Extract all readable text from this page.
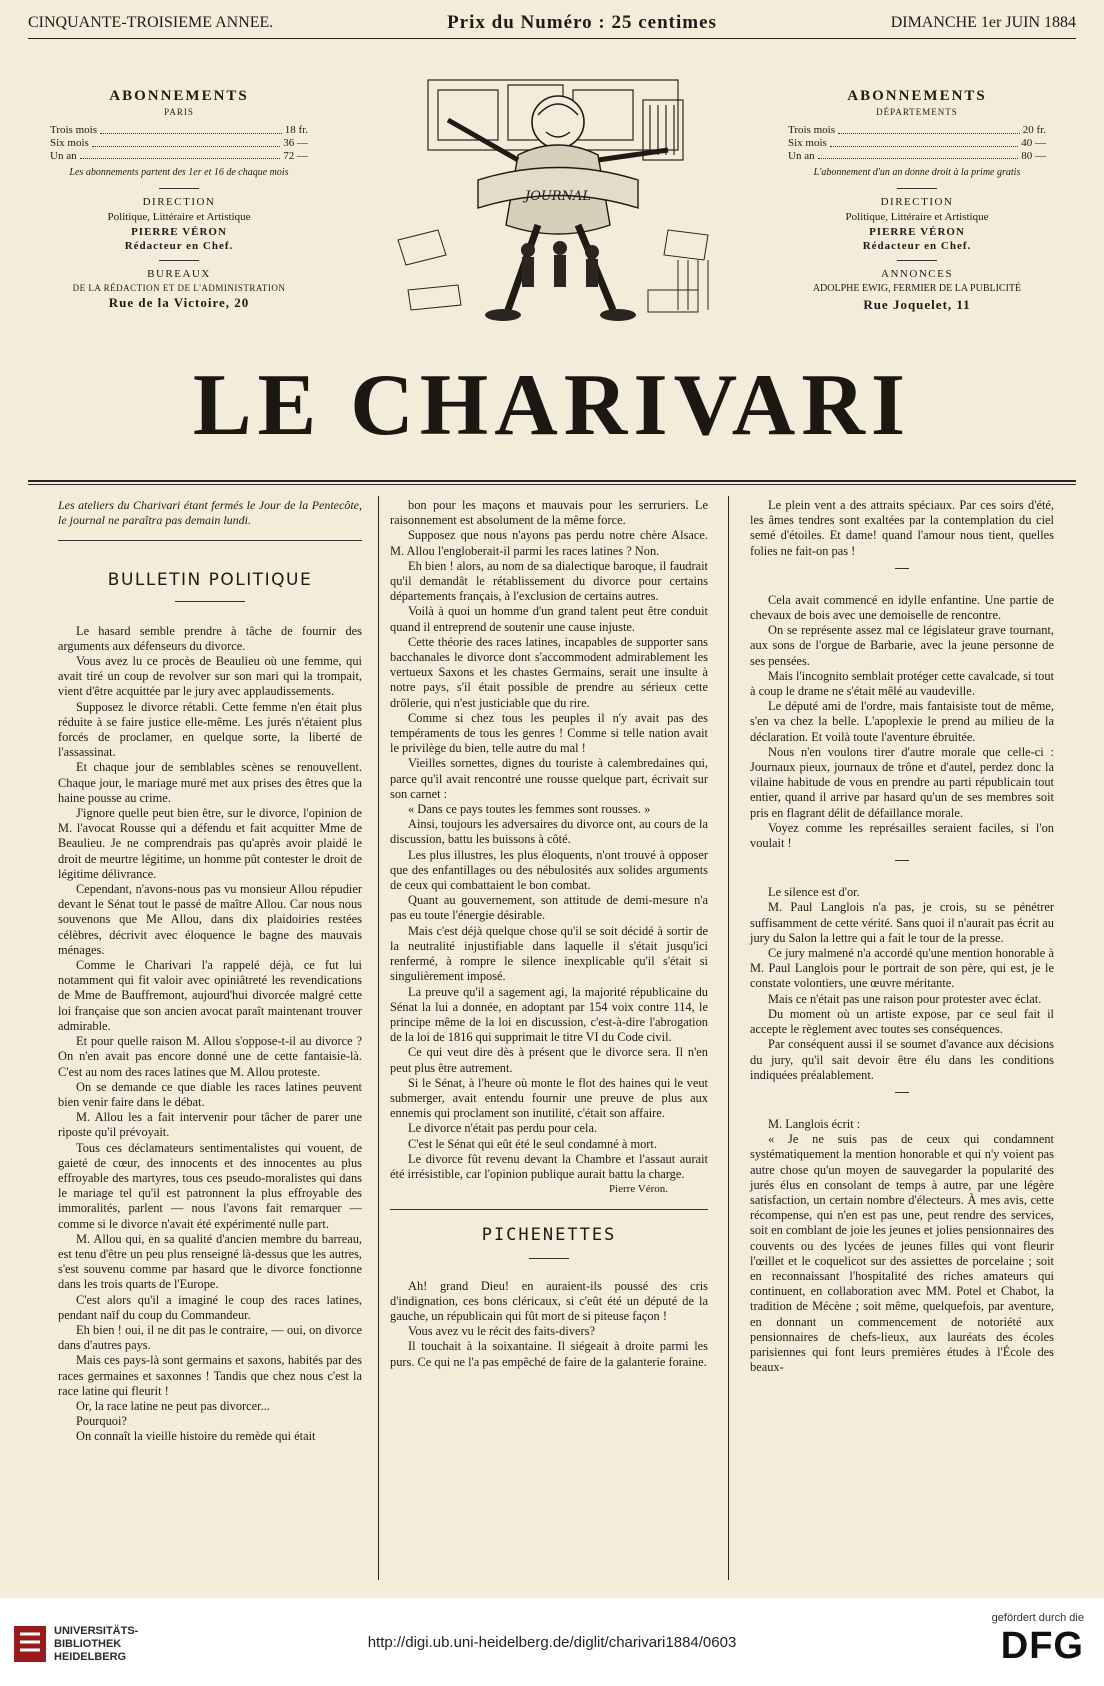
CINQUANTE-TROISIEME ANNEE.	Prix du Numéro : 25 centimes	DIMANCHE 1er JUIN 1884
ABONNEMENTS
PARIS
Trois mois	18 fr.
Six mois	36 —
Un an	72 —
Les abonnements partent des 1er et 16 de chaque mois
DIRECTION
Politique, Littéraire et Artistique
PIERRE VÉRON
Rédacteur en Chef.
BUREAUX
DE LA RÉDACTION ET DE L'ADMINISTRATION
Rue de la Victoire, 20
ABONNEMENTS
DÉPARTEMENTS
Trois mois	20 fr.
Six mois	40 —
Un an	80 —
L'abonnement d'un an donne droit à la prime gratis
DIRECTION
Politique, Littéraire et Artistique
PIERRE VÉRON
Rédacteur en Chef.
ANNONCES
ADOLPHE EWIG, FERMIER DE LA PUBLICITÉ
Rue Joquelet, 11
JOURNAL
LE CHARIVARI

Les ateliers du Charivari étant fermés le Jour de la Pentecôte, le journal ne paraîtra pas demain lundi.

BULLETIN POLITIQUE

Le hasard semble prendre à tâche de fournir des arguments aux défenseurs du divorce.

Vous avez lu ce procès de Beaulieu où une femme, qui avait tiré un coup de revolver sur son mari qui la trompait, vient d'être acquittée par le jury avec applaudissements.

Supposez le divorce rétabli. Cette femme n'en était plus réduite à se faire justice elle-même. Les jurés n'étaient plus forcés de proclamer, en quelque sorte, la liberté de l'assassinat.

Et chaque jour de semblables scènes se renouvellent. Chaque jour, le mariage muré met aux prises des êtres que la haine pousse au crime.

J'ignore quelle peut bien être, sur le divorce, l'opinion de M. l'avocat Rousse qui a défendu et fait acquitter Mme de Beaulieu. Je ne comprendrais pas qu'après avoir plaidé le droit de meurtre légitime, un homme pût contester le droit de légitime délivrance.

Cependant, n'avons-nous pas vu monsieur Allou répudier devant le Sénat tout le passé de maître Allou. Car nous nous souvenons que Me Allou, dans dix plaidoiries restées célèbres, décrivit avec éloquence le bagne des mauvais ménages.

Comme le Charivari l'a rappelé déjà, ce fut lui notamment qui fit valoir avec opiniâtreté les revendications de Mme de Bauffremont, aujourd'hui divorcée malgré cette loi française que son ancien avocat paraît maintenant trouver admirable.

Et pour quelle raison M. Allou s'oppose-t-il au divorce ? On n'en avait pas encore donné une de cette fantaisie-là. C'est au nom des races latines que M. Allou proteste.

On se demande ce que diable les races latines peuvent bien venir faire dans le débat.

M. Allou les a fait intervenir pour tâcher de parer une riposte qu'il prévoyait.

Tous ces déclamateurs sentimentalistes qui vouent, de gaieté de cœur, des innocents et des innocentes au plus effroyable des martyres, tous ces pseudo-moralistes qui dans le mariage tel qu'il est patronnent la plus effroyable des immoralités, parlent — nous l'avons fait remarquer — comme si le divorce n'avait été expérimenté nulle part.

M. Allou qui, en sa qualité d'ancien membre du barreau, est tenu d'être un peu plus renseigné là-dessus que les autres, s'est souvenu comme par hasard que le divorce fonctionne dans les trois quarts de l'Europe.

C'est alors qu'il a imaginé le coup des races latines, pendant naïf du coup du Commandeur.

Eh bien ! oui, il ne dit pas le contraire, — oui, on divorce dans d'autres pays.

Mais ces pays-là sont germains et saxons, habités par des races germaines et saxonnes ! Tandis que chez nous c'est la race latine qui fleurit !

Or, la race latine ne peut pas divorcer...

Pourquoi?

On connaît la vieille histoire du remède qui était

bon pour les maçons et mauvais pour les serruriers. Le raisonnement est absolument de la même force.

Supposez que nous n'ayons pas perdu notre chère Alsace. M. Allou l'engloberait-il parmi les races latines ? Non.

Eh bien ! alors, au nom de sa dialectique baroque, il faudrait qu'il demandât le rétablissement du divorce pour certains départements français, à l'exclusion de certains autres.

Voilà à quoi un homme d'un grand talent peut être conduit quand il entreprend de soutenir une cause injuste.

Cette théorie des races latines, incapables de supporter sans bacchanales le divorce dont s'accommodent admirablement les vertueux Saxons et les chastes Germains, serait une insulte à notre pays, s'il était possible de prendre au sérieux cette drôlerie, qui n'est justiciable que du rire.

Comme si chez tous les peuples il n'y avait pas des tempéraments de tous les genres ! Comme si telle nation avait le privilège du bien, telle autre du mal !

Vieilles sornettes, dignes du touriste à calembredaines qui, parce qu'il avait rencontré une rousse quelque part, écrivait sur son carnet :

« Dans ce pays toutes les femmes sont rousses. »

Ainsi, toujours les adversaires du divorce ont, au cours de la discussion, battu les buissons à côté.

Les plus illustres, les plus éloquents, n'ont trouvé à opposer que des enfantillages ou des nébulosités aux solides arguments de ceux qui combattaient le bon combat.

Quant au gouvernement, son attitude de demi-mesure n'a pas eu toute l'énergie désirable.

Mais c'est déjà quelque chose qu'il se soit décidé à sortir de la neutralité injustifiable dans laquelle il s'était jusqu'ici renfermé, à rompre le silence inexplicable qu'il s'était si singulièrement imposé.

La preuve qu'il a sagement agi, la majorité républicaine du Sénat la lui a donnée, en adoptant par 154 voix contre 114, le principe même de la loi en discussion, c'est-à-dire l'abrogation de la loi de 1816 qui supprimait le titre VI du Code civil.

Ce qui veut dire dès à présent que le divorce sera. Il n'en peut plus être autrement.

Si le Sénat, à l'heure où monte le flot des haines qui le veut submerger, avait entendu fournir une preuve de plus aux ennemis qui proclament son inutilité, c'était son affaire.

Le divorce n'était pas perdu pour cela.

C'est le Sénat qui eût été le seul condamné à mort.

Le divorce fût revenu devant la Chambre et l'assaut aurait été irrésistible, car l'opinion publique aurait battu la charge.

Pierre Véron.

PICHENETTES

Ah! grand Dieu! en auraient-ils poussé des cris d'indignation, ces bons cléricaux, si c'eût été un député de la gauche, un républicain qui fût mort de si piteuse façon !

Vous avez vu le récit des faits-divers?

Il touchait à la soixantaine. Il siégeait à droite parmi les purs. Ce qui ne l'a pas empêché de faire de la galanterie foraine.

Le plein vent a des attraits spéciaux. Par ces soirs d'été, les âmes tendres sont exaltées par la contemplation du ciel semé d'étoiles. Et dame! quand l'amour nous tient, quelles folies ne fait-on pas !

Cela avait commencé en idylle enfantine. Une partie de chevaux de bois avec une demoiselle de rencontre.

On se représente assez mal ce législateur grave tournant, aux sons de l'orgue de Barbarie, avec la jeune personne de ses pensées.

Mais l'incognito semblait protéger cette cavalcade, si tout à coup le drame ne s'était mêlé au vaudeville.

Le député ami de l'ordre, mais fantaisiste tout de même, s'en va chez la belle. L'apoplexie le prend au milieu de la déclaration. Et voilà toute l'aventure ébruitée.

Nous n'en voulons tirer d'autre morale que celle-ci : Journaux pieux, journaux de trône et d'autel, perdez donc la vilaine habitude de vous en prendre au parti républicain tout entier, quand il arrive par hasard qu'un de ses membres soit pris en flagrant délit de défaillance morale.

Voyez comme les représailles seraient faciles, si l'on voulait !

Le silence est d'or.

M. Paul Langlois n'a pas, je crois, su se pénétrer suffisamment de cette vérité. Sans quoi il n'aurait pas écrit au jury du Salon la lettre qui a fait le tour de la presse.

Ce jury malmené n'a accordé qu'une mention honorable à M. Paul Langlois pour le portrait de son père, qui est, je le constate volontiers, une œuvre méritante.

Mais ce n'était pas une raison pour protester avec éclat.

Du moment où un artiste expose, par ce seul fait il accepte le règlement avec toutes ses conséquences.

Par conséquent aussi il se soumet d'avance aux décisions du jury, qu'il sait devoir être élu dans les conditions indiquées préalablement.

M. Langlois écrit :

« Je ne suis pas de ceux qui condamnent systématiquement la mention honorable et qui n'y voient pas autre chose qu'un moyen de sauvegarder la popularité des jurés élus en consolant de temps à autre, par une légère satisfaction, un certain nombre d'électeurs. À mes avis, cette récompense, qui n'en est pas une, peut rendre des services, soit en comblant de joie les jeunes et jolies pensionnaires des couvents ou des lycées de jeunes filles qui vont fleurir l'œillet et le coquelicot sur des assiettes de porcelaine ; soit en reconnaissant l'hospitalité des riches amateurs qui continuent, en collaboration avec MM. Potel et Chabot, la tradition de Mécène ; soit même, quelquefois, par aventure, en donnant un commencement de notoriété aux pensionnaires de chefs-lieux, aux lauréats des écoles parisiennes qui font leurs premières études à l'École des beaux-

UNIVERSITÄTS-
BIBLIOTHEK
HEIDELBERG
http://digi.ub.uni-heidelberg.de/diglit/charivari1884/0603
gefördert durch die
DFG
